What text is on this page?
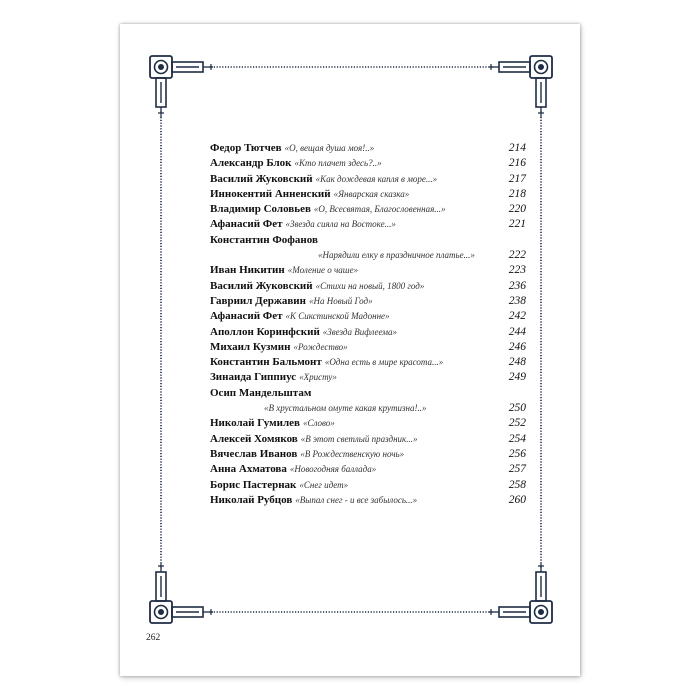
Федор Тютчев «О, вещая душа моя!..»	214
Александр Блок «Кто плачет здесь?..»	216
Василий Жуковский «Как дождевая капля в море...»	217
Иннокентий Анненский «Январская сказка»	218
Владимир Соловьев «О, Всесвятая, Благословенная...»	220
Афанасий Фет «Звезда сияла на Востоке...»	221
Константин Фофанов
«Нарядили елку в праздничное платье...»	222
Иван Никитин «Моление о чаше»	223
Василий Жуковский «Стихи на новый, 1800 год»	236
Гавриил Державин «На Новый Год»	238
Афанасий Фет «К Сикстинской Мадонне»	242
Аполлон Коринфский «Звезда Вифлеема»	244
Михаил Кузмин «Рождество»	246
Константин Бальмонт «Одна есть в мире красота...»	248
Зинаида Гиппиус «Христу»	249
Осип Мандельштам
«В хрустальном омуте какая крутизна!..»	250
Николай Гумилев «Слово»	252
Алексей Хомяков «В этот светлый праздник...»	254
Вячеслав Иванов «В Рождественскую ночь»	256
Анна Ахматова «Новогодняя баллада»	257
Борис Пастернак «Снег идет»	258
Николай Рубцов «Выпал снег - и все забылось...»	260
262
